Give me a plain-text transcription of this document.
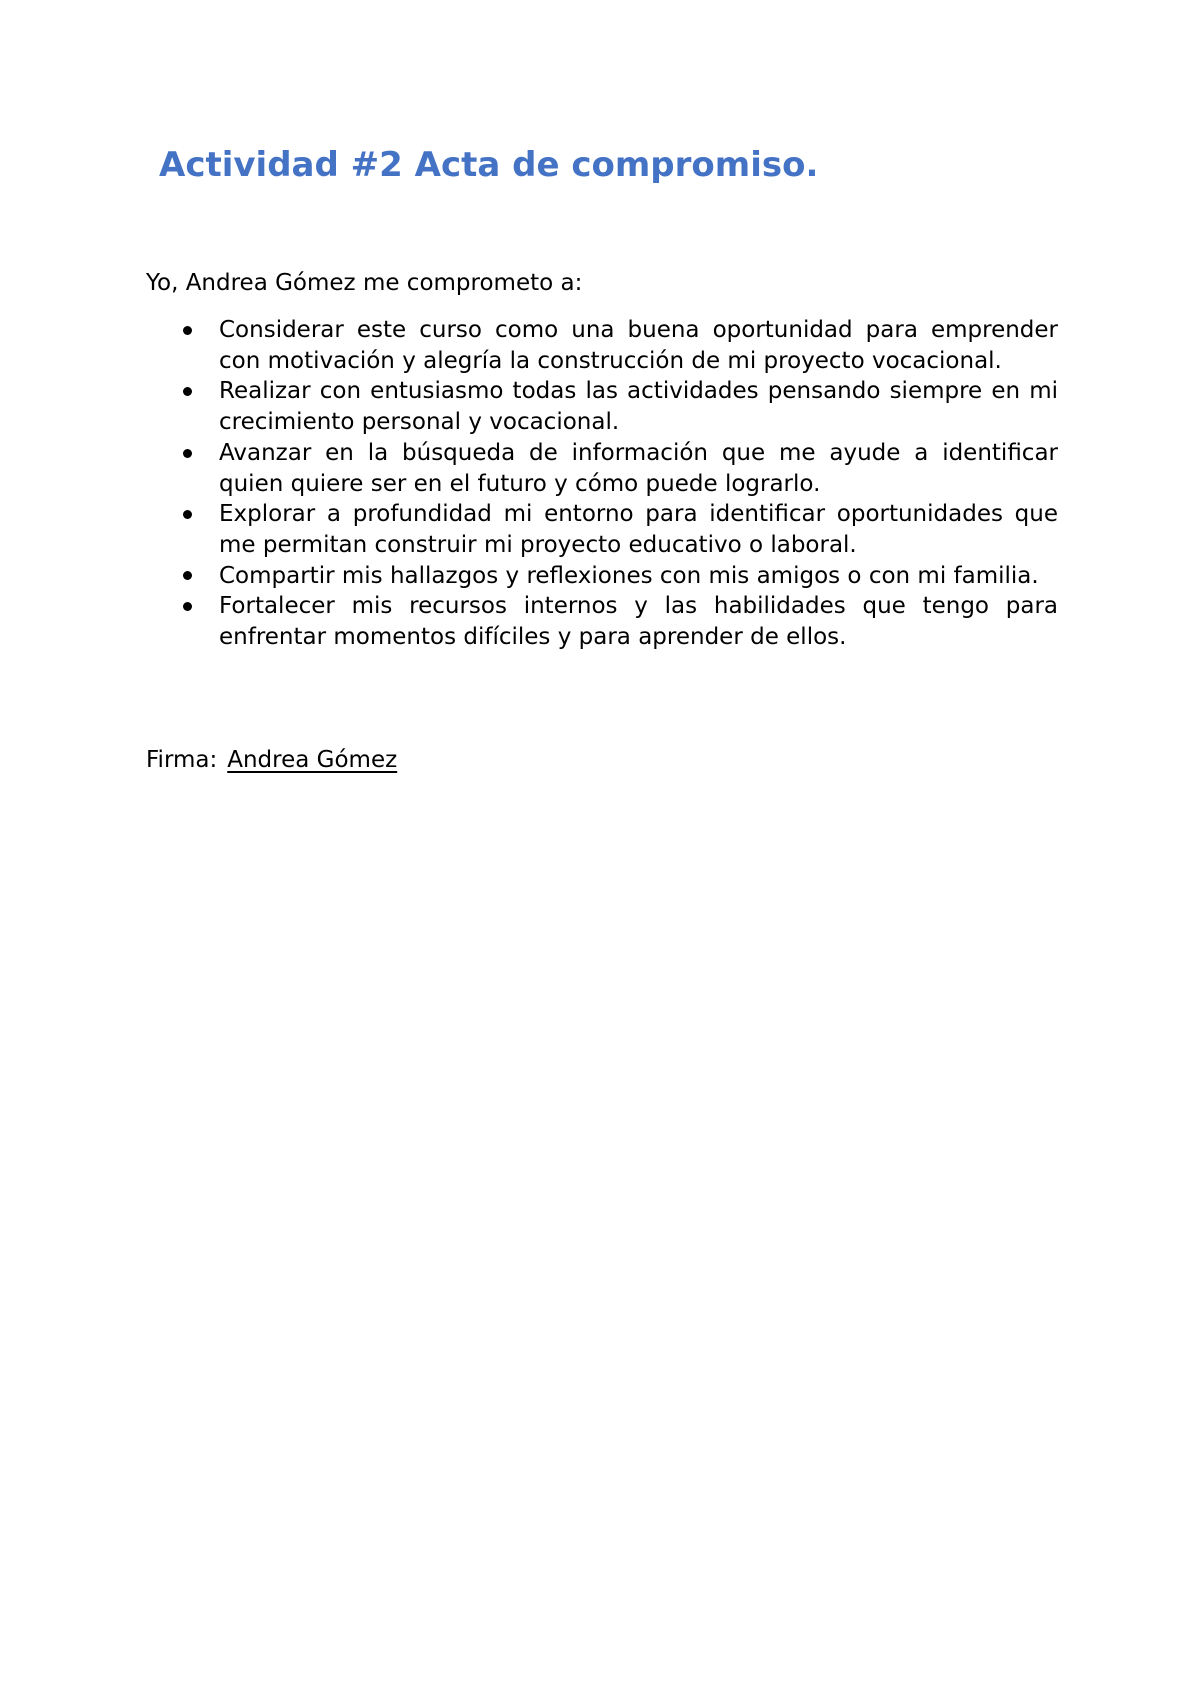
Actividad #2 Acta de compromiso.

Yo, Andrea Gómez me comprometo a:

Considerar este curso como una buena oportunidad para emprender con motivación y alegría la construcción de mi proyecto vocacional.
Realizar con entusiasmo todas las actividades pensando siempre en mi crecimiento personal y vocacional.
Avanzar en la búsqueda de información que me ayude a identificar quien quiere ser en el futuro y cómo puede lograrlo.
Explorar a profundidad mi entorno para identificar oportunidades que me permitan construir mi proyecto educativo o laboral.
Compartir mis hallazgos y reflexiones con mis amigos o con mi familia.
Fortalecer mis recursos internos y las habilidades que tengo para enfrentar momentos difíciles y para aprender de ellos.

Firma: Andrea Gómez
